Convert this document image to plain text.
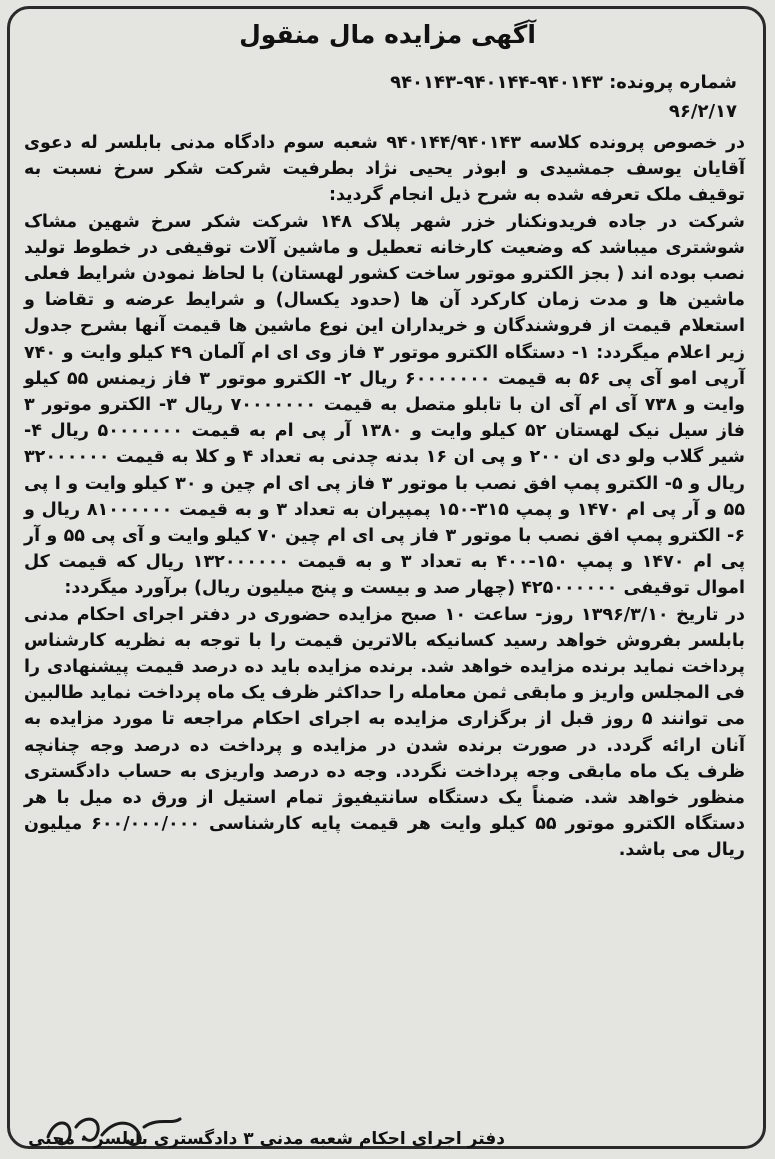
آگهی مزایده مال منقول
شماره پرونده: ۹۴۰۱۴۳-۹۴۰۱۴۴-۹۴۰۱۴۳
۹۶/۲/۱۷

در خصوص پرونده کلاسه ۹۴۰۱۴۴/۹۴۰۱۴۳ شعبه سوم دادگاه مدنی بابلسر له دعوی آقایان یوسف جمشیدی و ابوذر یحیی نژاد بطرفیت شرکت شکر سرخ نسبت به توقیف ملک تعرفه شده به شرح ذیل انجام گردید:

شرکت در جاده فریدونکنار خزر شهر پلاک ۱۴۸ شرکت شکر سرخ شهین مشاک شوشتری میباشد که وضعیت کارخانه تعطیل و ماشین آلات توقیفی در خطوط تولید نصب بوده اند ( بجز الکترو موتور ساخت کشور لهستان) با لحاظ نمودن شرایط فعلی ماشین ها و مدت زمان کارکرد آن ها (حدود یکسال) و شرایط عرضه و تقاضا و استعلام قیمت از فروشندگان و خریداران این نوع ماشین ها قیمت آنها بشرح جدول زیر اعلام میگردد: ۱- دستگاه الکترو موتور ۳ فاز وی ای ام آلمان ۴۹ کیلو وایت و ۷۴۰ آرپی امو آی پی ۵۶ به قیمت ۶۰۰۰۰۰۰۰ ریال ۲- الکترو موتور ۳ فاز زیمنس ۵۵ کیلو وایت و ۷۳۸ آی ام آی ان با تابلو متصل به قیمت ۷۰۰۰۰۰۰۰ ریال ۳- الکترو موتور ۳ فاز سیل نیک لهستان ۵۲ کیلو وایت و ۱۳۸۰ آر پی ام به قیمت ۵۰۰۰۰۰۰۰ ریال ۴- شیر گلاب ولو دی ان ۲۰۰ و پی ان ۱۶ بدنه چدنی به تعداد ۴ و کلا به قیمت ۳۲۰۰۰۰۰۰ ریال و ۵- الکترو پمپ افق نصب با موتور ۳ فاز پی ای ام چین و ۳۰ کیلو وایت و ا پی ۵۵ و آر پی ام ۱۴۷۰ و پمپ ۳۱۵-۱۵۰ پمپیران به تعداد ۳ و به قیمت ۸۱۰۰۰۰۰۰ ریال و ۶- الکترو پمپ افق نصب با موتور ۳ فاز پی ای ام چین ۷۰ کیلو وایت و آی پی ۵۵ و آر پی ام ۱۴۷۰ و پمپ ۱۵۰-۴۰۰ به تعداد ۳ و به قیمت ۱۳۲۰۰۰۰۰۰ ریال که قیمت کل اموال توقیفی ۴۲۵۰۰۰۰۰۰ (چهار صد و بیست و پنج میلیون ریال) برآورد میگردد:

در تاریخ ۱۳۹۶/۳/۱۰ روز- ساعت ۱۰ صبح مزایده حضوری در دفتر اجرای احکام مدنی بابلسر بفروش خواهد رسید کسانیکه بالاترین قیمت را با توجه به نظریه کارشناس پرداخت نماید برنده مزایده خواهد شد. برنده مزایده باید ده درصد قیمت پیشنهادی را فی المجلس واریز و مابقی ثمن معامله را حداکثر ظرف یک ماه پرداخت نماید طالبین می توانند ۵ روز قبل از برگزاری مزایده به اجرای احکام مراجعه تا مورد مزایده به آنان ارائه گردد. در صورت برنده شدن در مزایده و پرداخت ده درصد وجه چنانچه ظرف یک ماه مابقی وجه پرداخت نگردد. وجه ده درصد واریزی به حساب دادگستری منظور خواهد شد. ضمناً یک دستگاه سانتیفیوژ تمام استیل از ورق ده میل با هر دستگاه الکترو موتور ۵۵ کیلو وایت هر قیمت پایه کارشناسی ۶۰۰/۰۰۰/۰۰۰ میلیون ریال می باشد.

دفتر اجرای احکام شعبه مدنی ۳ دادگستری بابلسر - محبی
